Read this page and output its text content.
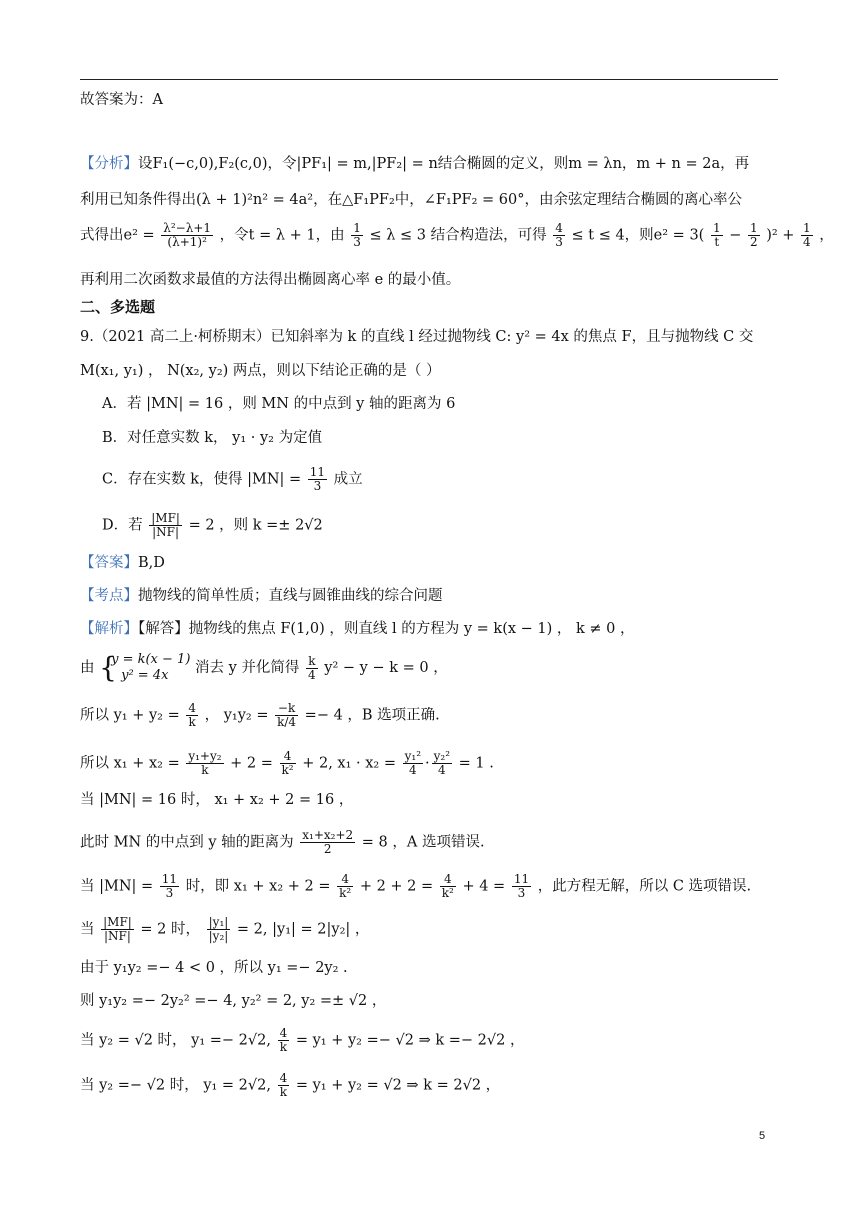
故答案为：A
【分析】设F₁(−c,0),F₂(c,0)，令|PF₁| = m,|PF₂| = n结合椭圆的定义，则m = λn，m + n = 2a，再
利用已知条件得出(λ + 1)²n² = 4a²，在△F₁PF₂中，∠F₁PF₂ = 60°，由余弦定理结合椭圆的离心率公
式得出$e^2 = \frac{\text{λ²−λ+1}}{\text{(λ+1)²}}$ ，令t = λ + 1，由 $\frac{1}{3} \le \lambda \le 3$ 结合构造法，可得 $\frac{4}{3} \le t \le 4$，则$e^2 = 3( \frac{1}{t} - \frac{1}{2} )^2 + \frac{1}{4}$ ，
再利用二次函数求最值的方法得出椭圆离心率 e 的最小值。
二、多选题
9.（2021 高二上·柯桥期末）已知斜率为 k 的直线 l 经过抛物线 C: y² = 4x 的焦点 F，且与抛物线 C 交
M(x₁, y₁) ， N(x₂, y₂) 两点，则以下结论正确的是（ ）
A．若 |MN| = 16 ，则 MN 的中点到 y 轴的距离为 6
B．对任意实数 k， y₁ · y₂ 为定值
C．存在实数 k，使得 $|MN| = \frac{11}{3}$ 成立
D．若 $\frac{|MF|}{|NF|} = 2$ ，则 k =± 2√2
【答案】B,D
【考点】抛物线的简单性质；直线与圆锥曲线的综合问题
【解析】【解答】抛物线的焦点 F(1,0) ，则直线 l 的方程为 y = k(x − 1) ， k ≠ 0 ，
由
{ y = k(x − 1)
y² = 4x	消去 y 并化简得 $\frac{k}{4} y^2 - y - k = 0$ ，
所以 $y_1 + y_2 = \frac{4}{k}$ ， $y_1y_2 = \frac{-k}{k/4} =- 4$ ，B 选项正确.
所以 $x_1 + x_2 = \frac{\text{y₁+y₂}}{k} + 2 = \frac{4}{\text{k²}} + 2$, $x_1 \cdot x_2 = \frac{\text{y₁²}}{4} \cdot \frac{\text{y₂²}}{4} = 1$ .
当 |MN| = 16 时， x₁ + x₂ + 2 = 16 ，
此时 MN 的中点到 y 轴的距离为 $\frac{\text{x₁+x₂+2}}{2} = 8$ ，A 选项错误.
当 $|MN| = \frac{11}{3}$ 时，即 $x_1 + x_2 + 2 = \frac{4}{\text{k²}} + 2 + 2 = \frac{4}{\text{k²}} + 4 = \frac{11}{3}$ ，此方程无解，所以 C 选项错误.
当 $\frac{|MF|}{|NF|} = 2$ 时， $\frac{\text{|y₁|}}{\text{|y₂|}} = 2$, |y₁| = 2|y₂| ，
由于 y₁y₂ =− 4 < 0 ，所以 y₁ =− 2y₂ .
则 y₁y₂ =− 2y₂² =− 4, y₂² = 2, y₂ =± √2 ，
当 y₂ = √2 时， y₁ =− 2√2, $\frac{4}{k} = y_1 + y_2 =- √2$ ⇒ k =− 2√2 ，
当 y₂ =− √2 时， y₁ = 2√2, $\frac{4}{k} = y_1 + y_2 = √2$ ⇒ k = 2√2 ，
5
